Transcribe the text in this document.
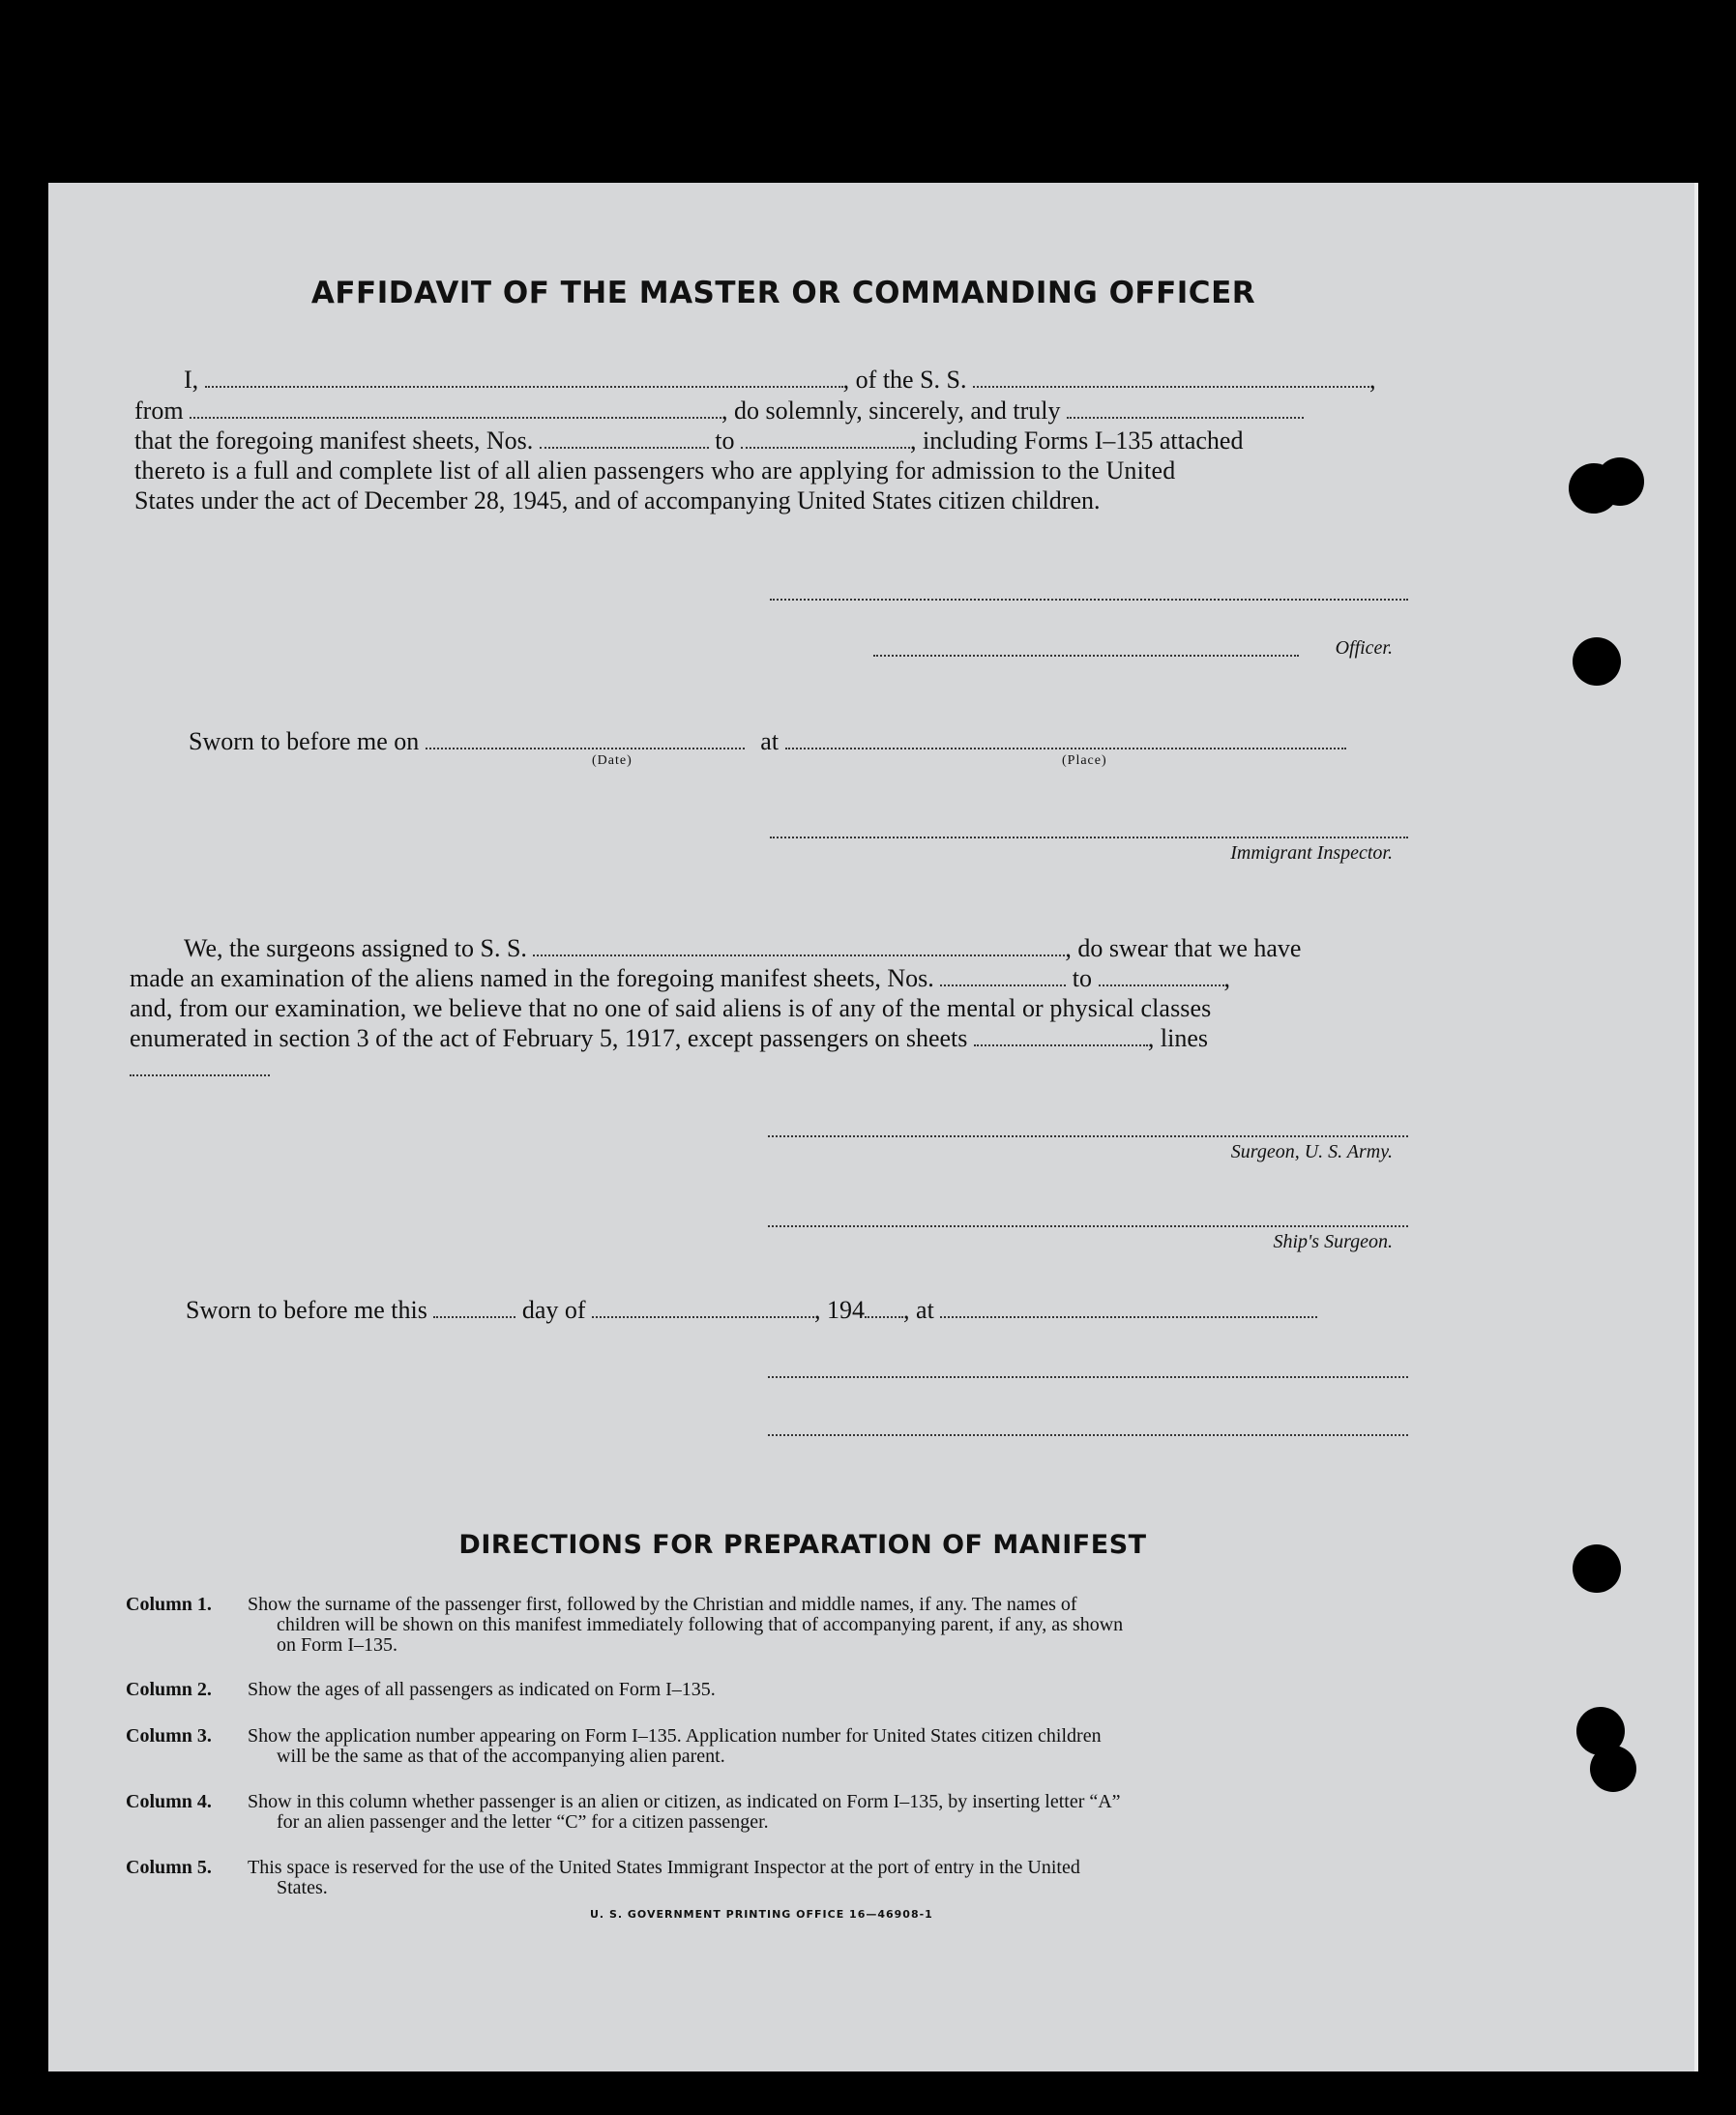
AFFIDAVIT OF THE MASTER OR COMMANDING OFFICER
I,	, of the S. S.	,
from	, do solemnly, sincerely, and truly
that the foregoing manifest sheets, Nos.	to	, including Forms I–135 attached
thereto is a full and complete list of all alien passengers who are applying for admission to the United
States under the act of December 28, 1945, and of accompanying United States citizen children.
Officer.
Sworn to before me on	at
(Date)	(Place)
Immigrant Inspector.
We, the surgeons assigned to S. S.	, do swear that we have
made an examination of the aliens named in the foregoing manifest sheets, Nos.	to	,
and, from our examination, we believe that no one of said aliens is of any of the mental or physical classes
enumerated in section 3 of the act of February 5, 1917, except passengers on sheets	, lines
Surgeon, U. S. Army.
Ship's Surgeon.
Sworn to before me this	day of	, 194 , at
DIRECTIONS FOR PREPARATION OF MANIFEST
Column 1.	Show the surname of the passenger first, followed by the Christian and middle names, if any. The names of
children will be shown on this manifest immediately following that of accompanying parent, if any, as shown
on Form I–135.
Column 2.	Show the ages of all passengers as indicated on Form I–135.
Column 3.	Show the application number appearing on Form I–135. Application number for United States citizen children
will be the same as that of the accompanying alien parent.
Column 4.	Show in this column whether passenger is an alien or citizen, as indicated on Form I–135, by inserting letter “A”
for an alien passenger and the letter “C” for a citizen passenger.
Column 5.	This space is reserved for the use of the United States Immigrant Inspector at the port of entry in the United
States.
U. S. GOVERNMENT PRINTING OFFICE 16—46908-1
